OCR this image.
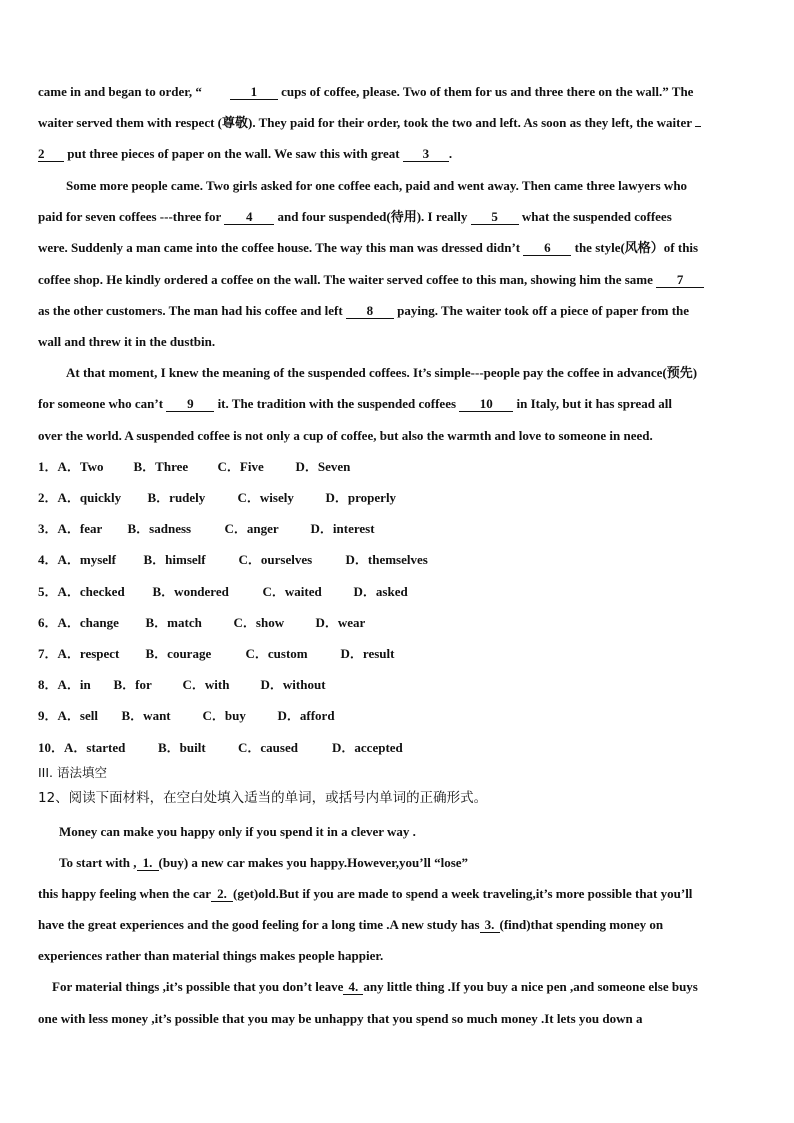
came in and began to order, “	1 cups of coffee, please. Two of them for us and three there on the wall.” The
waiter served them with respect (尊敬). They paid for their order, took the two and left. As soon as they left, the waiter
2 put three pieces of paper on the wall. We saw this with great 3 .
Some more people came. Two girls asked for one coffee each, paid and went away. Then came three lawyers who
paid for seven coffees ---three for 4 and four suspended(待用). I really 5 what the suspended coffees
were. Suddenly a man came into the coffee house. The way this man was dressed didn’t 6 the style(风格）of this
coffee shop. He kindly ordered a coffee on the wall. The waiter served coffee to this man, showing him the same 7
as the other customers. The man had his coffee and left 8 paying. The waiter took off a piece of paper from the
wall and threw it in the dustbin.
At that moment, I knew the meaning of the suspended coffees. It’s simple---people pay the coffee in advance(预先)
for someone who can’t 9 it. The tradition with the suspended coffees 10 in Italy, but it has spread all
over the world. A suspended coffee is not only a cup of coffee, but also the warmth and love to someone in need.
1．A．Two B．Three C．Five D．Seven
2．A．quickly B．rudely C．wisely D．properly
3．A．fear B．sadness	C．anger D．interest
4．A．myself B．himself	C．ourselves	D．themselves
5．A．checked B．wondered	C．waited D．asked
6．A．change B．match C．show D．wear
7．A．respect B．courage	C．custom	D．result
8．A．in B．for C．with D．without
9．A．sell B．want C．buy D．afford
10．A．started	B．built C．caused	D．accepted
III. 语法填空
12、阅读下面材料，在空白处填入适当的单词，或括号内单词的正确形式。
Money can make you happy only if you spend it in a clever way .
To start with , 1. (buy) a new car makes you happy.However,you’ll “lose”
this happy feeling when the car 2. (get)old.But if you are made to spend a week traveling,it’s more possible that you’ll
have the great experiences and the good feeling for a long time .A new study has 3. (find)that spending money on
experiences rather than material things makes people happier.
For material things ,it’s possible that you don’t leave 4. any little thing .If you buy a nice pen ,and someone else buys
one with less money ,it’s possible that you may be unhappy that you spend so much money .It lets you down a
